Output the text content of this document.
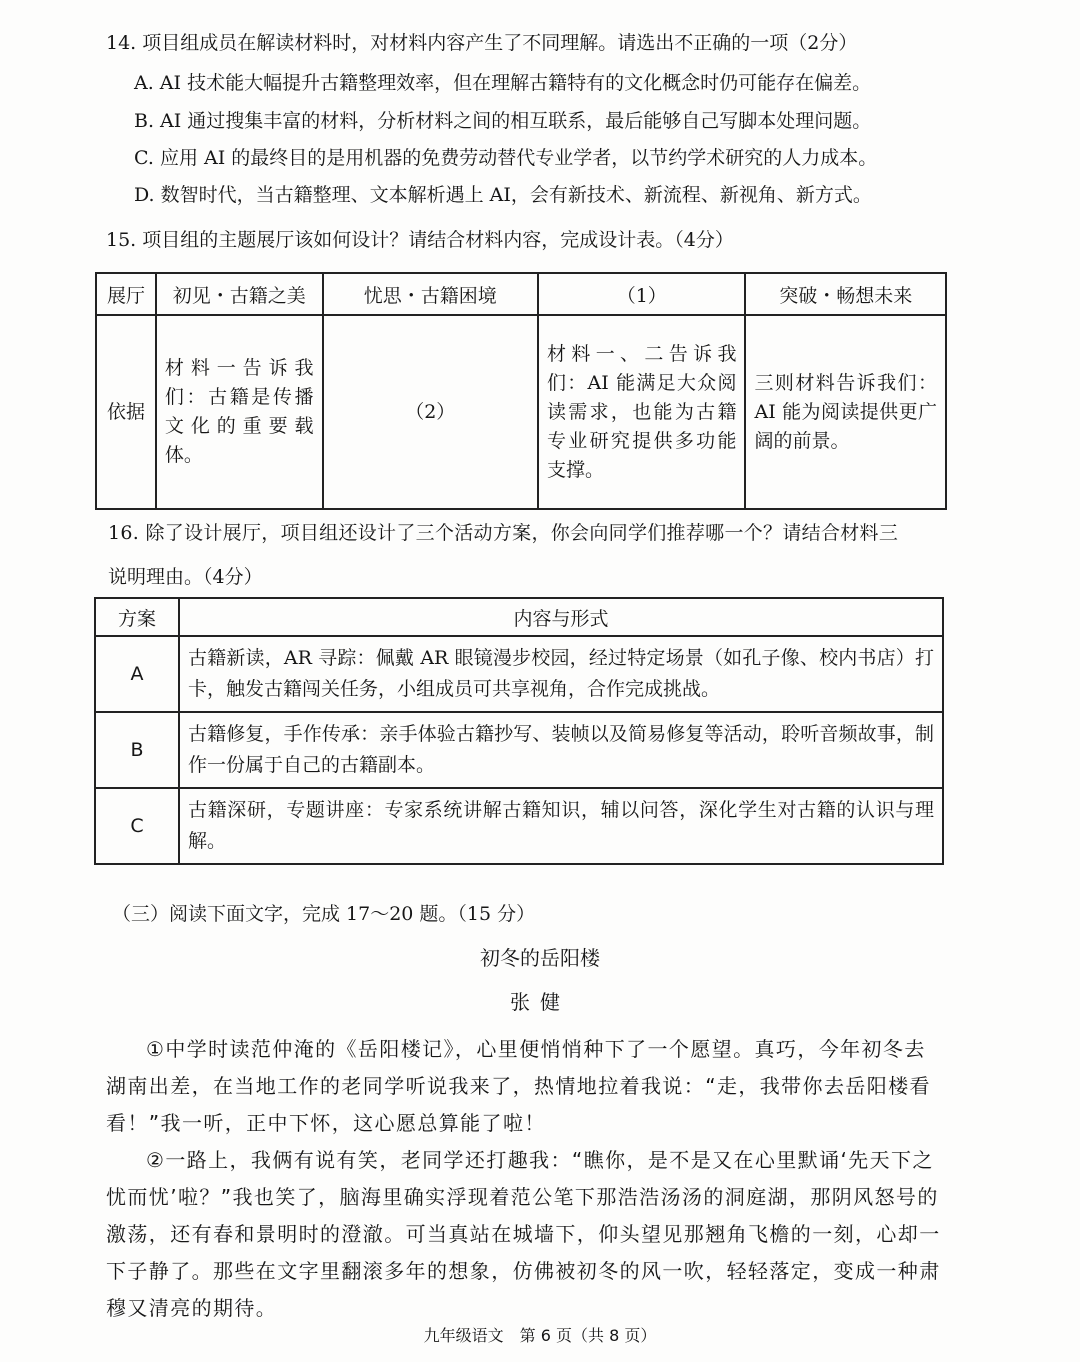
14. 项目组成员在解读材料时，对材料内容产生了不同理解。请选出不正确的一项（2分）
A. AI 技术能大幅提升古籍整理效率，但在理解古籍特有的文化概念时仍可能存在偏差。
B. AI 通过搜集丰富的材料，分析材料之间的相互联系，最后能够自己写脚本处理问题。
C. 应用 AI 的最终目的是用机器的免费劳动替代专业学者，以节约学术研究的人力成本。
D. 数智时代，当古籍整理、文本解析遇上 AI，会有新技术、新流程、新视角、新方式。
15. 项目组的主题展厅该如何设计？请结合材料内容，完成设计表。（4分）
展厅	初见・古籍之美	忧思・古籍困境	（1）	突破・畅想未来
依据	材料一告诉我们：古籍是传播文化的重要载体。	（2）	材料一、二告诉我们：AI 能满足大众阅读需求，也能为古籍专业研究提供多功能支撑。	三则材料告诉我们：AI 能为阅读提供更广阔的前景。
16. 除了设计展厅，项目组还设计了三个活动方案，你会向同学们推荐哪一个？请结合材料三
说明理由。（4分）
方案	内容与形式
A	古籍新读，AR 寻踪：佩戴 AR 眼镜漫步校园，经过特定场景（如孔子像、校内书店）打卡，触发古籍闯关任务，小组成员可共享视角，合作完成挑战。
B	古籍修复，手作传承：亲手体验古籍抄写、装帧以及简易修复等活动，聆听音频故事，制作一份属于自己的古籍副本。
C	古籍深研，专题讲座：专家系统讲解古籍知识，辅以问答，深化学生对古籍的认识与理解。
（三）阅读下面文字，完成 17～20 题。（15 分）
初冬的岳阳楼
张健
①中学时读范仲淹的《岳阳楼记》，心里便悄悄种下了一个愿望。真巧，今年初冬去湖南出差，在当地工作的老同学听说我来了，热情地拉着我说：“走，我带你去岳阳楼看看！”我一听，正中下怀，这心愿总算能了啦！
②一路上，我俩有说有笑，老同学还打趣我：“瞧你，是不是又在心里默诵‘先天下之忧而忧’啦？”我也笑了，脑海里确实浮现着范公笔下那浩浩汤汤的洞庭湖，那阴风怒号的激荡，还有春和景明时的澄澈。可当真站在城墙下，仰头望见那翘角飞檐的一刻，心却一下子静了。那些在文字里翻滚多年的想象，仿佛被初冬的风一吹，轻轻落定，变成一种肃穆又清亮的期待。
九年级语文　第 6 页（共 8 页）
